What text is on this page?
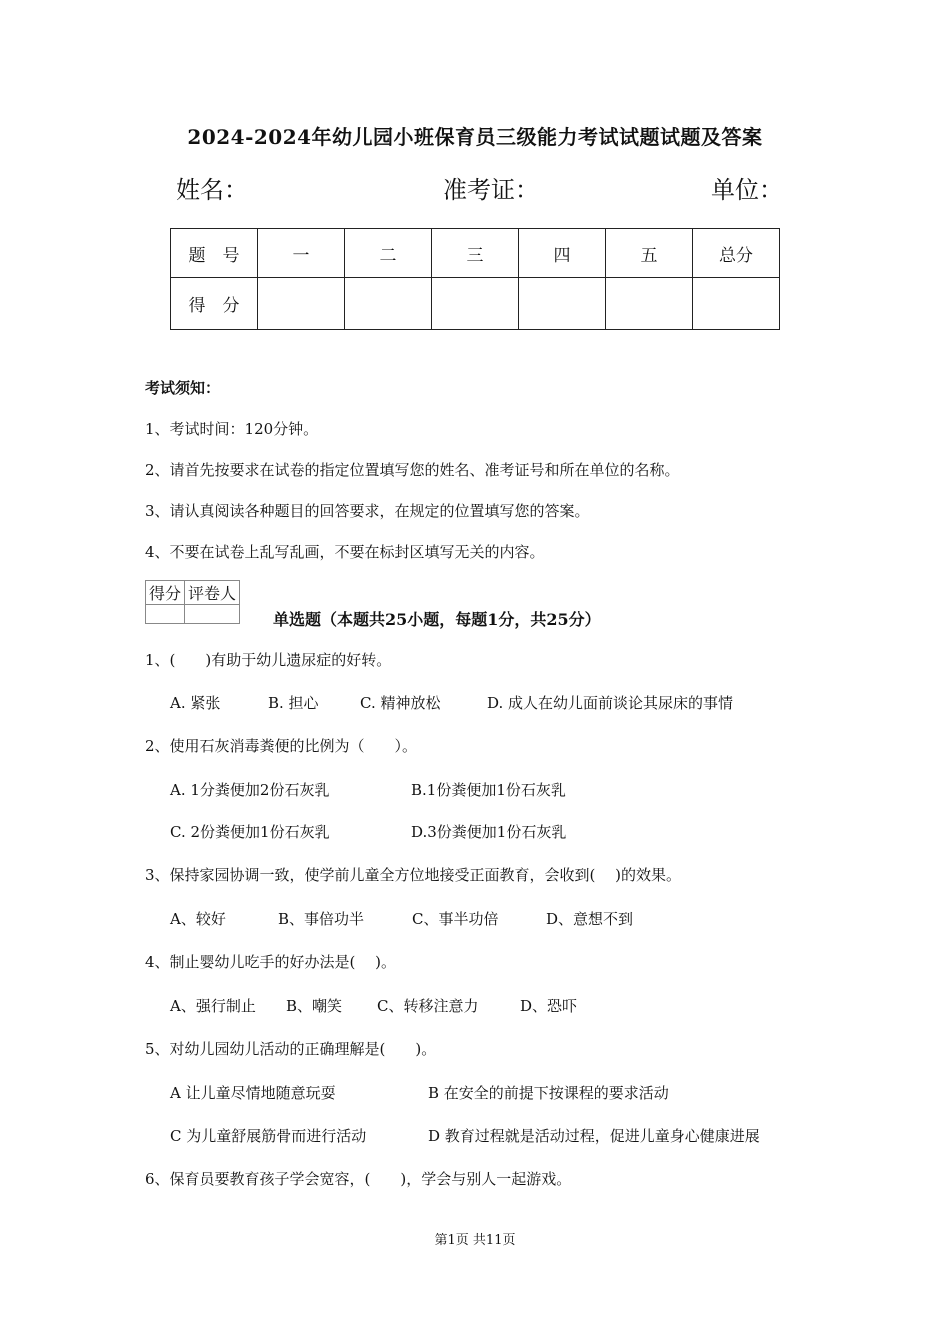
2024-2024年幼儿园小班保育员三级能力考试试题试题及答案
姓名：	准考证：	单位：
题　号	一	二	三	四	五	总分
得　分						
考试须知：
1、考试时间：120分钟。
2、请首先按要求在试卷的指定位置填写您的姓名、准考证号和所在单位的名称。
3、请认真阅读各种题目的回答要求，在规定的位置填写您的答案。
4、不要在试卷上乱写乱画，不要在标封区填写无关的内容。
得分	评卷人

单选题（本题共25小题，每题1分，共25分）
1、(　　)有助于幼儿遗尿症的好转。
A. 紧张	B. 担心	C. 精神放松	D. 成人在幼儿面前谈论其尿床的事情
2、使用石灰消毒粪便的比例为（　　）。
A. 1分粪便加2份石灰乳	B.1份粪便加1份石灰乳
C. 2份粪便加1份石灰乳	D.3份粪便加1份石灰乳
3、保持家园协调一致，使学前儿童全方位地接受正面教育，会收到(　 )的效果。
A、较好	B、事倍功半	C、事半功倍	D、意想不到
4、制止婴幼儿吃手的好办法是(　 )。
A、强行制止 B、嘲笑 C、转移注意力	D、恐吓
5、对幼儿园幼儿活动的正确理解是(　　)。
A 让儿童尽情地随意玩耍	B 在安全的前提下按课程的要求活动
C 为儿童舒展筋骨而进行活动	D 教育过程就是活动过程，促进儿童身心健康进展
6、保育员要教育孩子学会宽容，(　　)，学会与别人一起游戏。
第1页 共11页
